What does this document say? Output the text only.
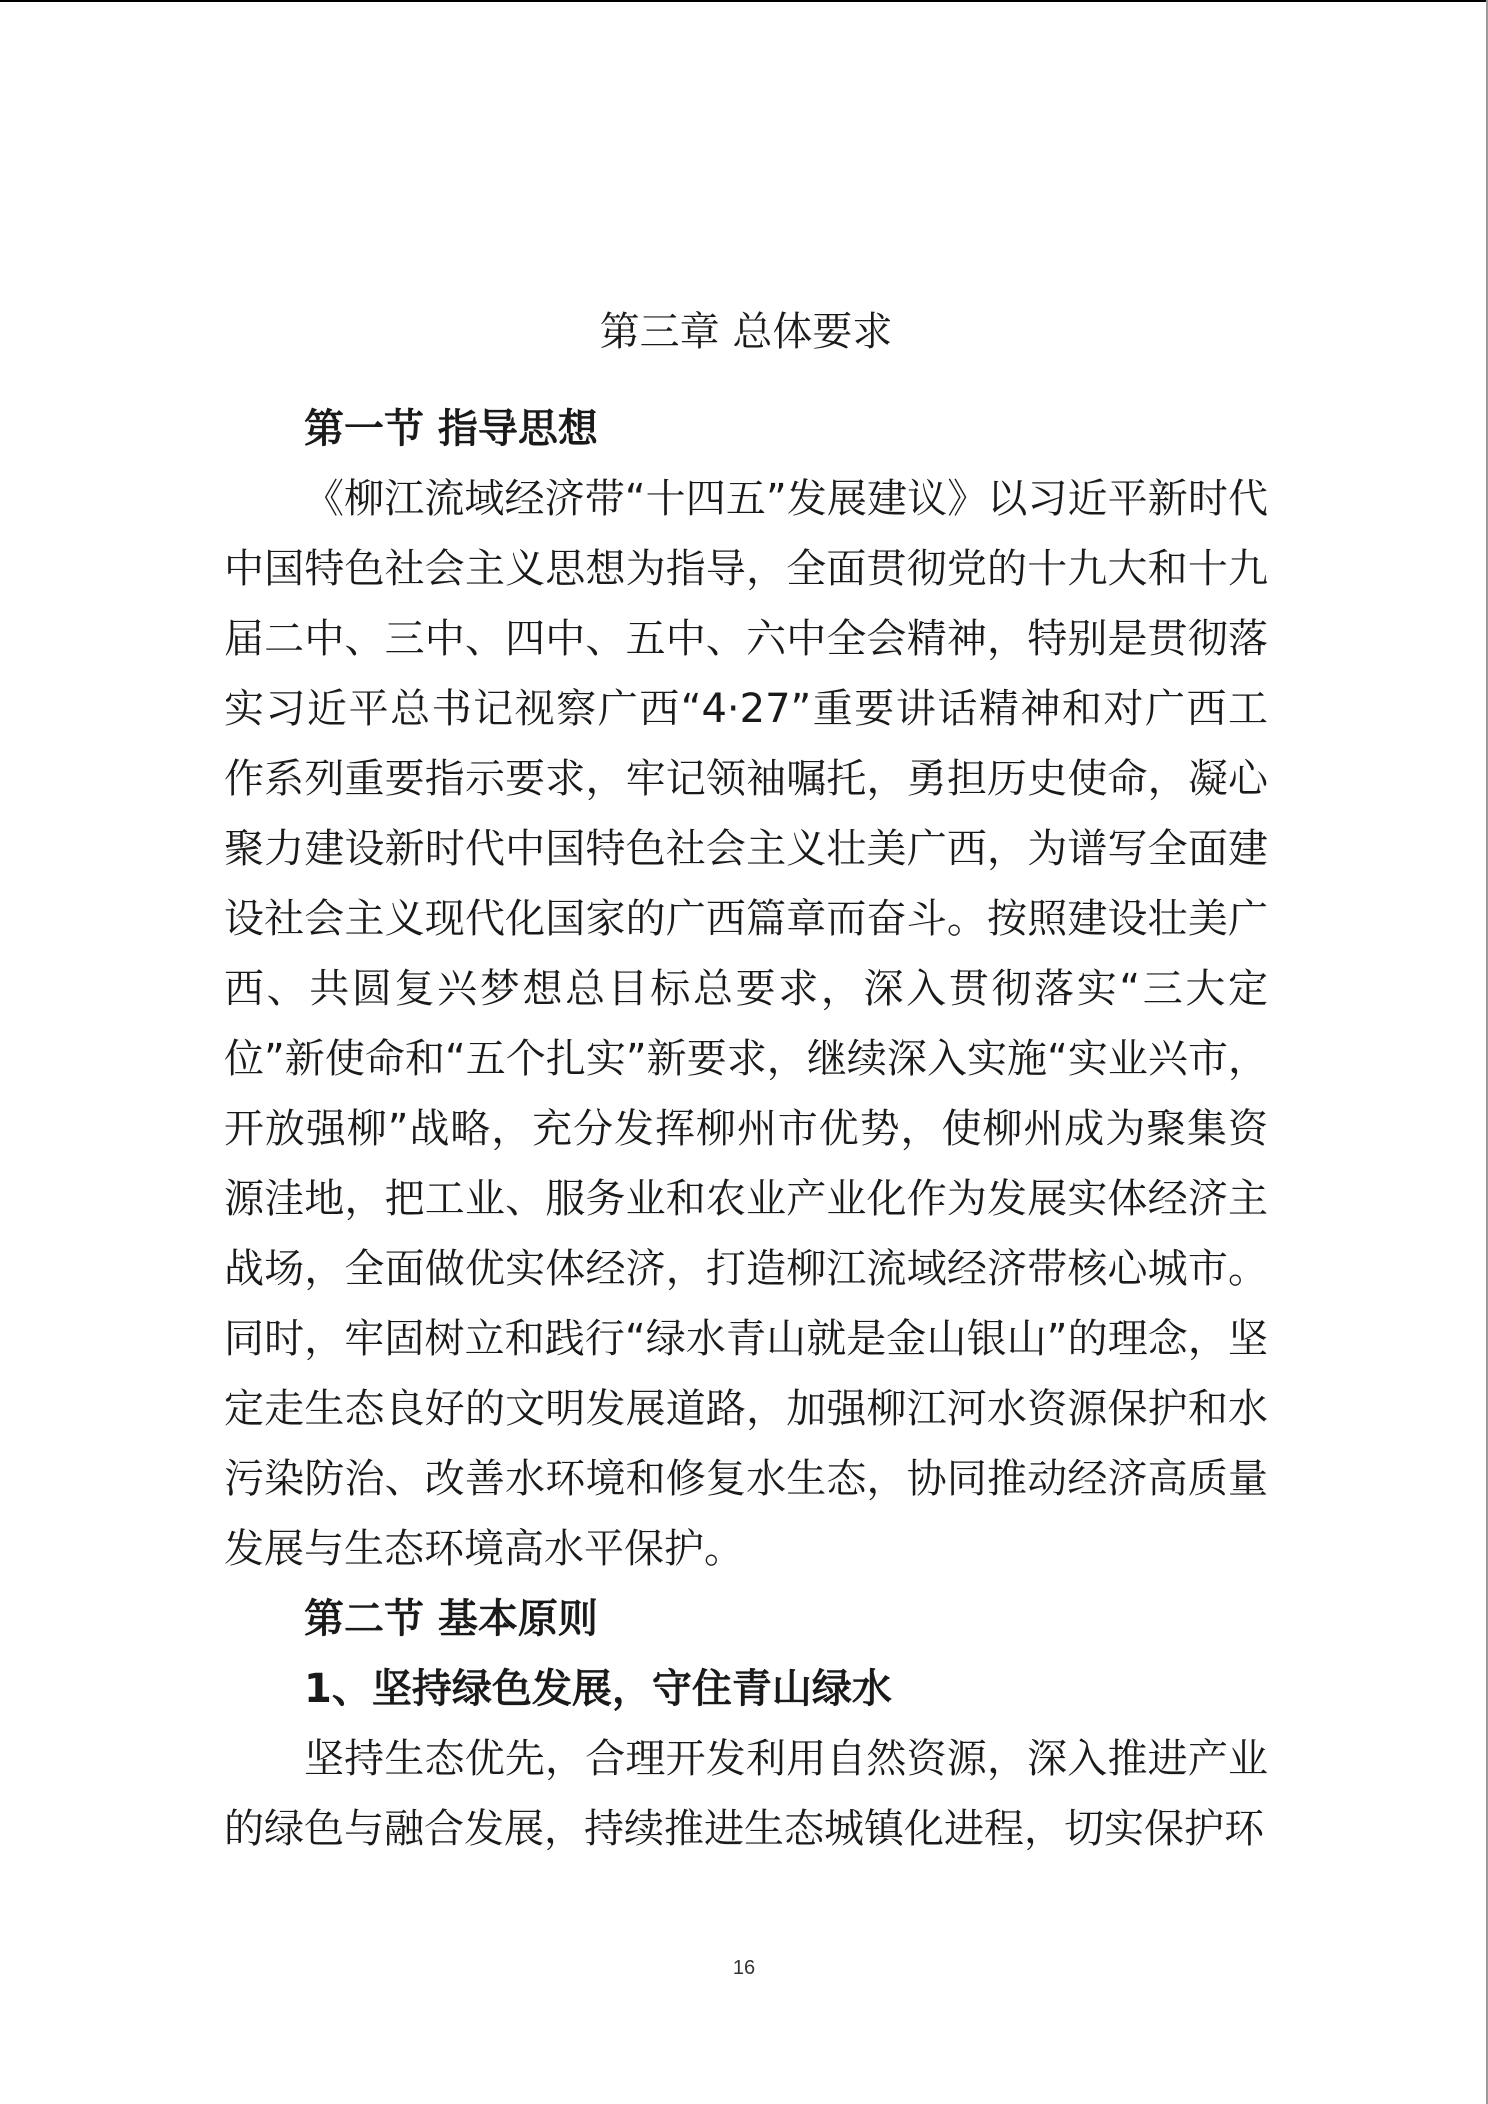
第三章 总体要求
第一节 指导思想

《柳江流域经济带“十四五”发展建议》以习近平新时代中国特色社会主义思想为指导，全面贯彻党的十九大和十九届二中、三中、四中、五中、六中全会精神，特别是贯彻落实习近平总书记视察广西“4·27”重要讲话精神和对广西工作系列重要指示要求，牢记领袖嘱托，勇担历史使命，凝心聚力建设新时代中国特色社会主义壮美广西，为谱写全面建设社会主义现代化国家的广西篇章而奋斗。按照建设壮美广西、共圆复兴梦想总目标总要求，深入贯彻落实“三大定位”新使命和“五个扎实”新要求，继续深入实施“实业兴市，开放强柳”战略，充分发挥柳州市优势，使柳州成为聚集资源洼地，把工业、服务业和农业产业化作为发展实体经济主战场，全面做优实体经济，打造柳江流域经济带核心城市。同时，牢固树立和践行“绿水青山就是金山银山”的理念，坚定走生态良好的文明发展道路，加强柳江河水资源保护和水污染防治、改善水环境和修复水生态，协同推动经济高质量发展与生态环境高水平保护。

第二节 基本原则
1、坚持绿色发展，守住青山绿水

坚持生态优先，合理开发利用自然资源，深入推进产业的绿色与融合发展，持续推进生态城镇化进程，切实保护环

16
